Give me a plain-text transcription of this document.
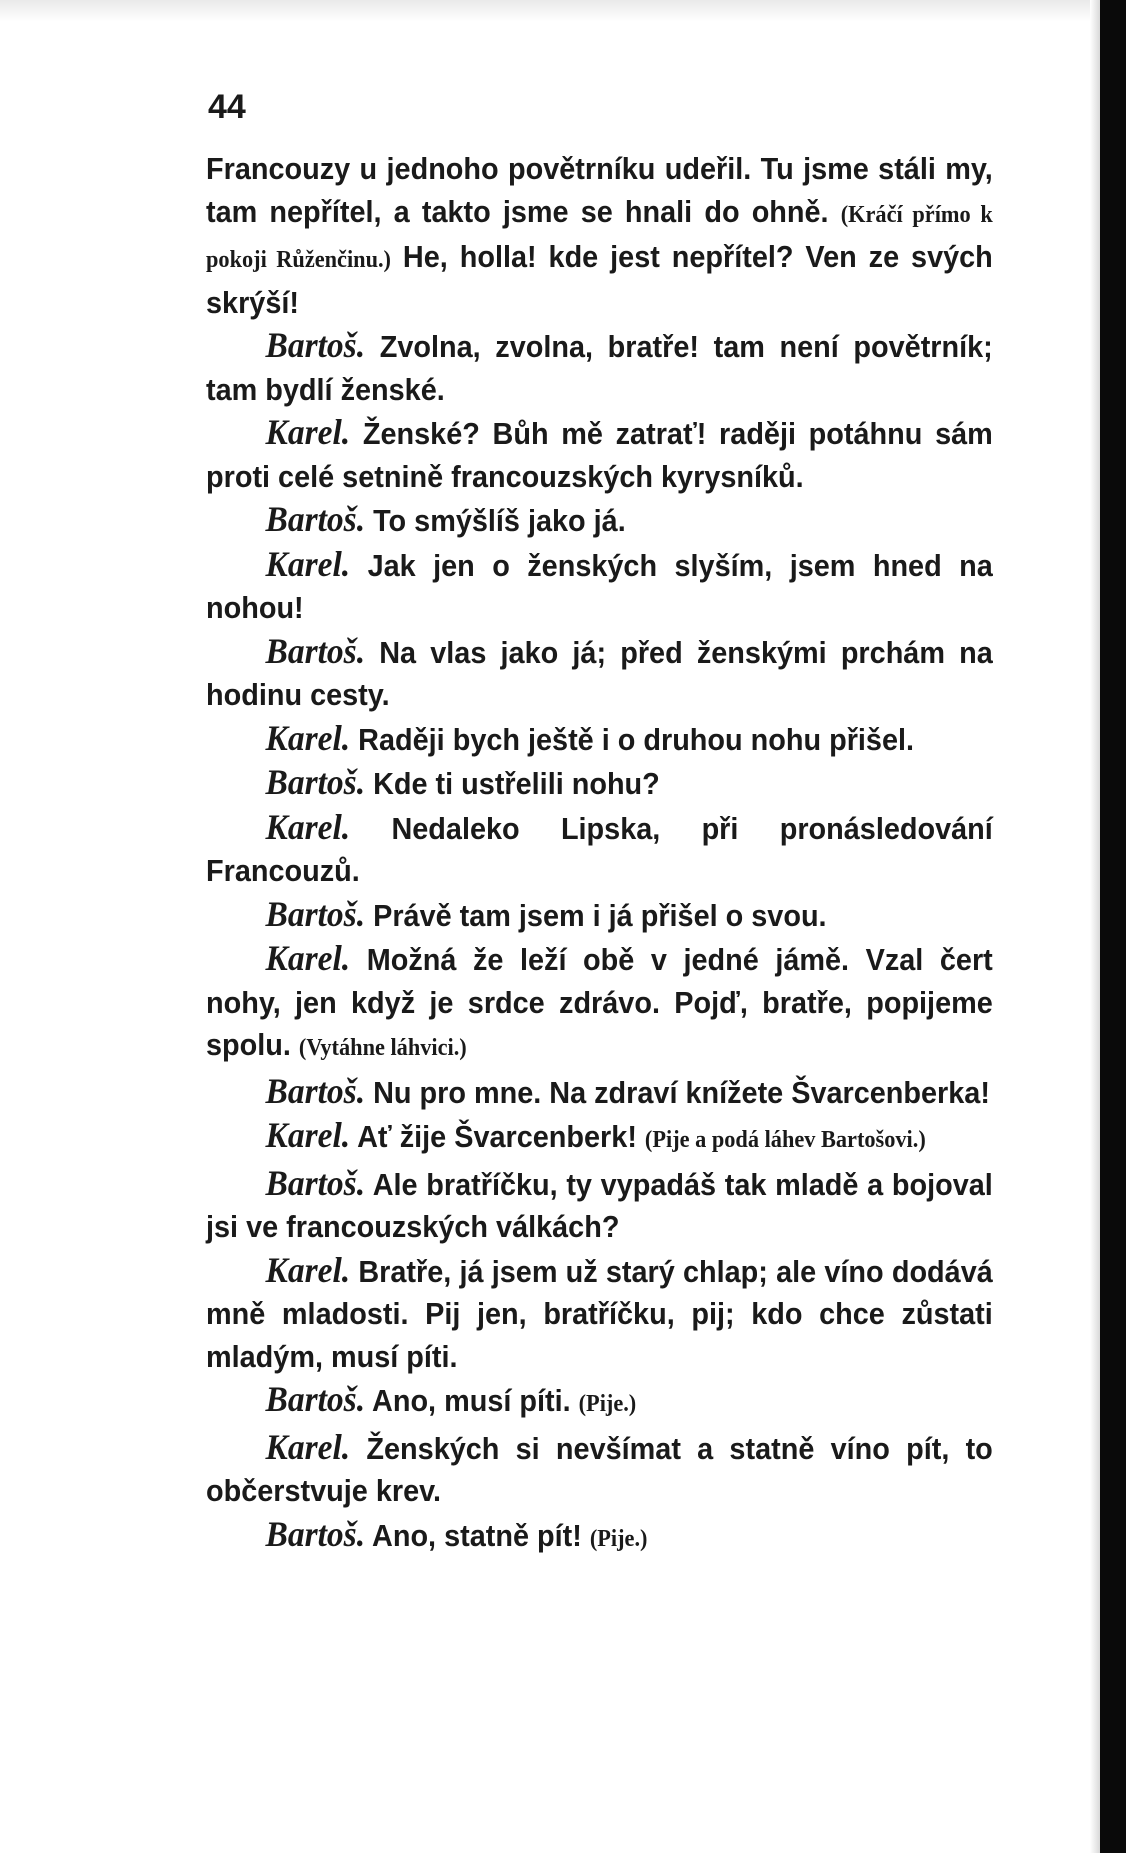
44

Francouzy u jednoho povětrníku udeřil. Tu jsme stáli my, tam nepřítel, a takto jsme se hnali do ohně. (Kráčí přímo k pokoji Růženčinu.) He, holla! kde jest nepřítel? Ven ze svých skrýší!

Bartoš. Zvolna, zvolna, bratře! tam není povětrník; tam bydlí ženské.

Karel. Ženské? Bůh mě zatrať! raději potáhnu sám proti celé setnině francouzských kyrysníků.

Bartoš. To smýšlíš jako já.

Karel. Jak jen o ženských slyším, jsem hned na nohou!

Bartoš. Na vlas jako já; před ženskými prchám na hodinu cesty.

Karel. Raději bych ještě i o druhou nohu přišel.

Bartoš. Kde ti ustřelili nohu?

Karel. Nedaleko Lipska, při pronásledování Francouzů.

Bartoš. Právě tam jsem i já přišel o svou.

Karel. Možná že leží obě v jedné jámě. Vzal čert nohy, jen když je srdce zdrávo. Pojď, bratře, popijeme spolu. (Vytáhne láhvici.)

Bartoš. Nu pro mne. Na zdraví knížete Švarcenberka!

Karel. Ať žije Švarcenberk! (Pije a podá láhev Bartošovi.)

Bartoš. Ale bratříčku, ty vypadáš tak mladě a bojoval jsi ve francouzských válkách?

Karel. Bratře, já jsem už starý chlap; ale víno dodává mně mladosti. Pij jen, bratříčku, pij; kdo chce zůstati mladým, musí píti.

Bartoš. Ano, musí píti. (Pije.)

Karel. Ženských si nevšímat a statně víno pít, to občerstvuje krev.

Bartoš. Ano, statně pít! (Pije.)
